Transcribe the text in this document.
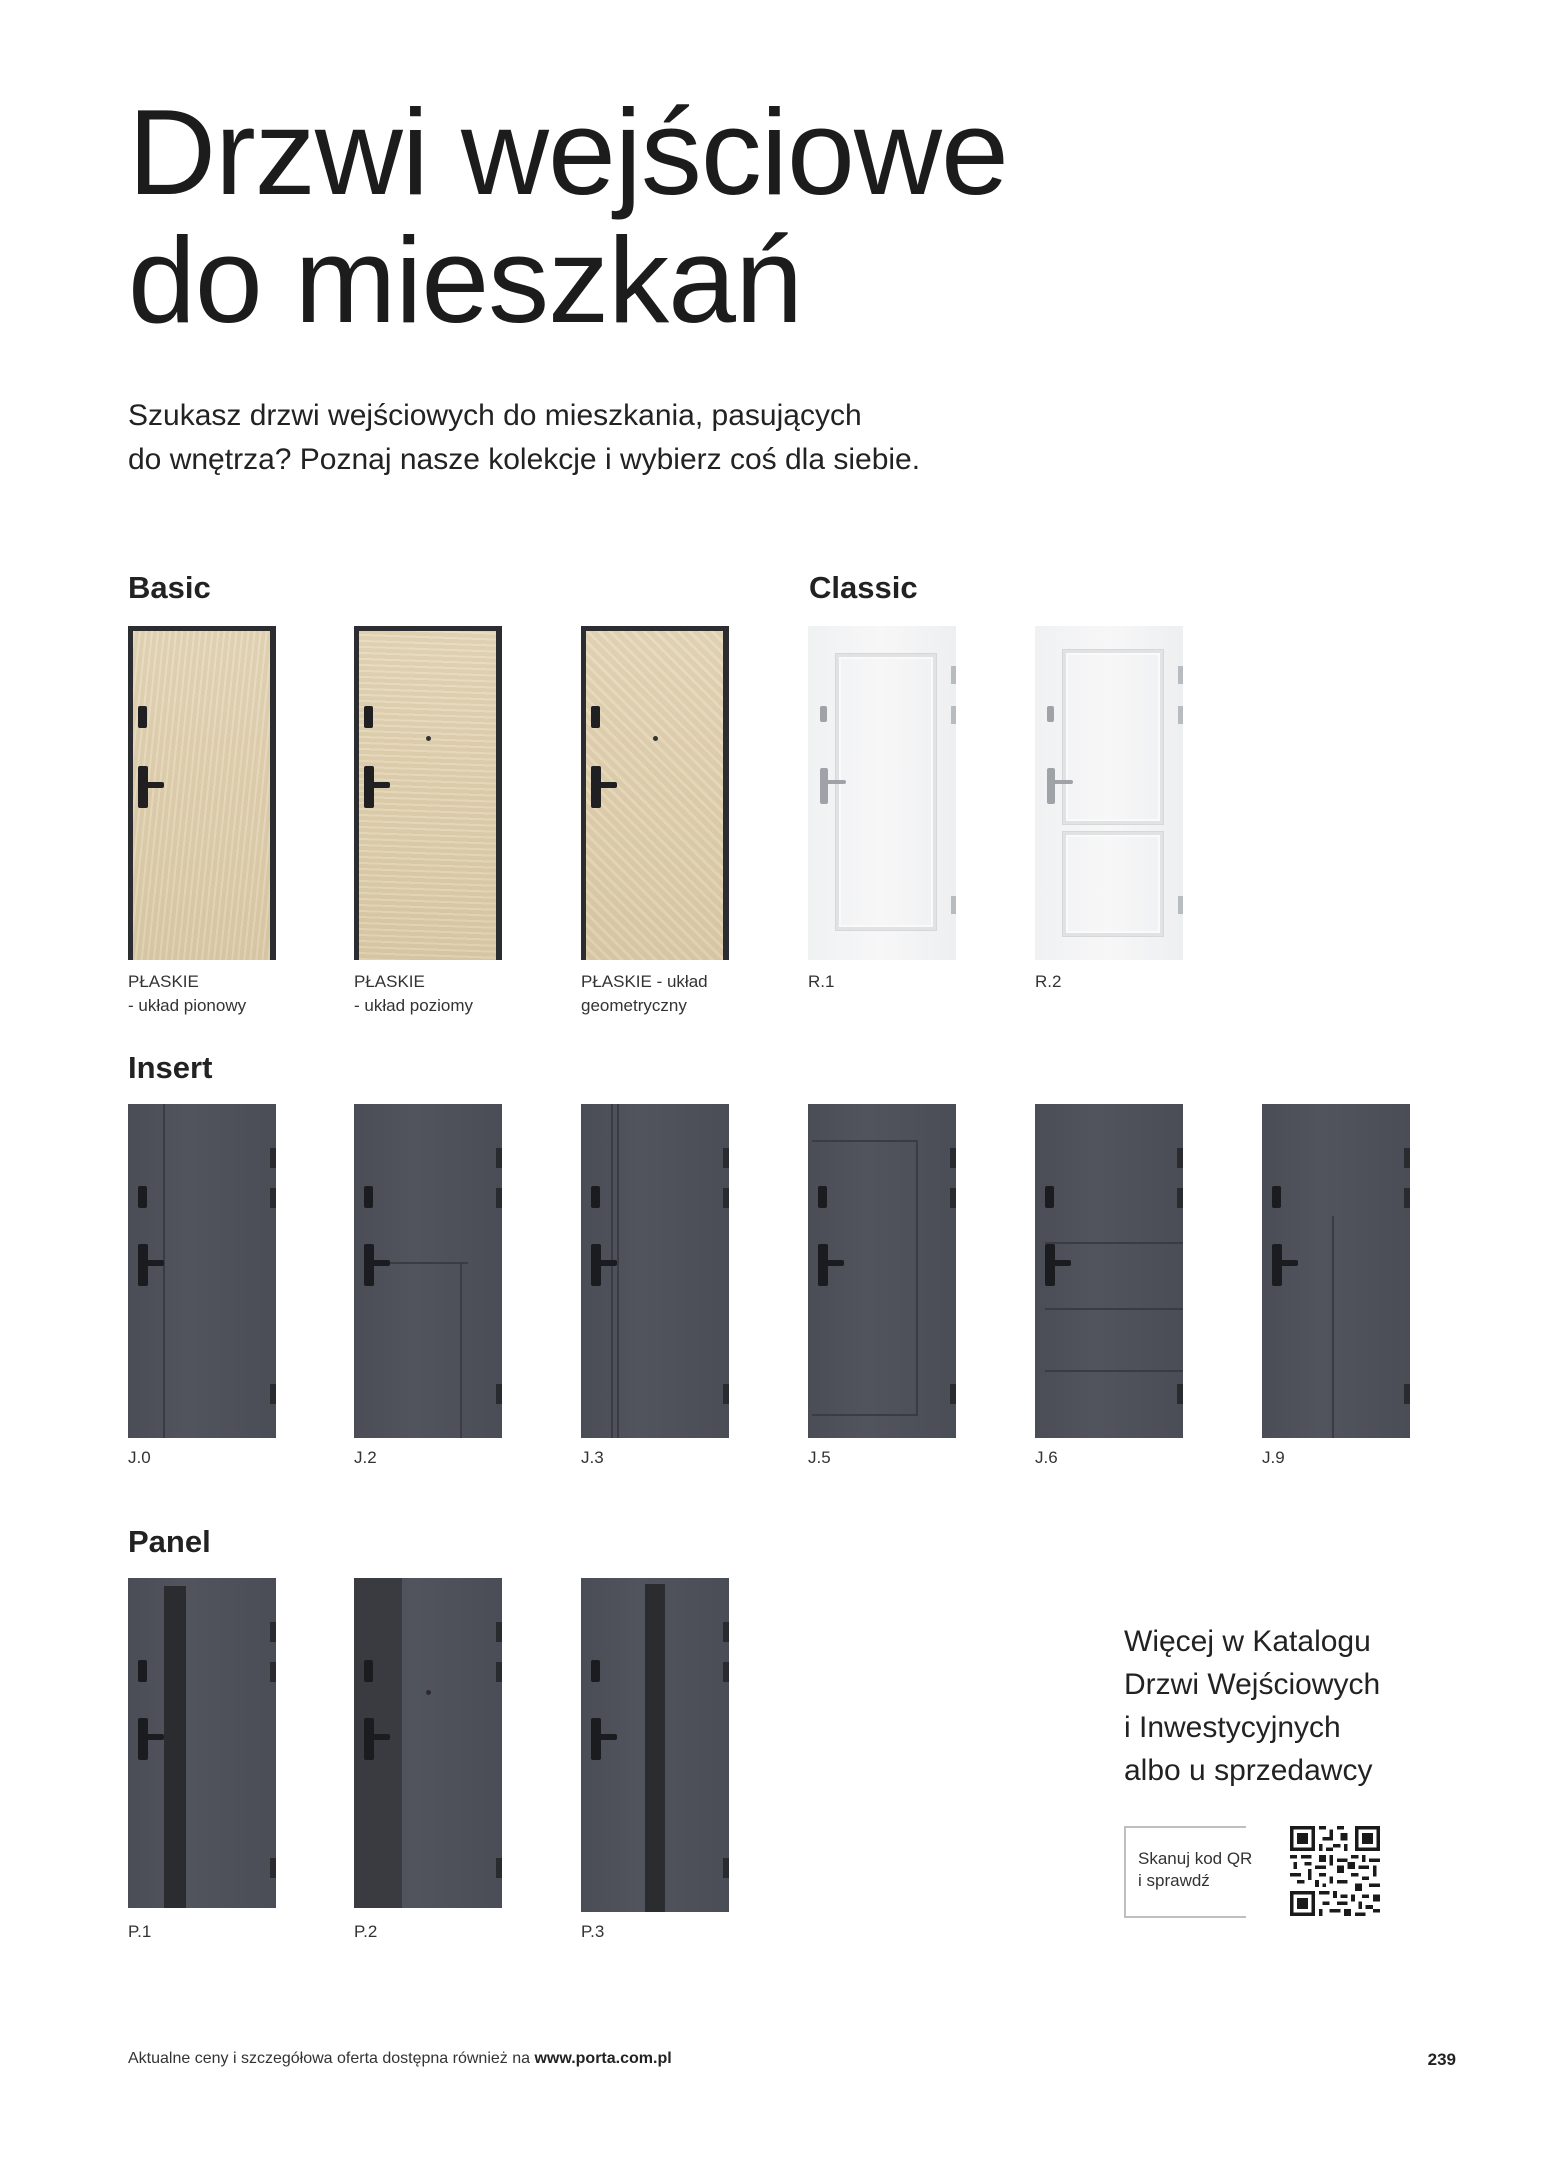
Drzwi wejściowe
do mieszkań

Szukasz drzwi wejściowych do mieszkania, pasujących
do wnętrza? Poznaj nasze kolekcje i wybierz coś dla siebie.

Basic
PŁASKIE
- układ pionowy
PŁASKIE
- układ poziomy
PŁASKIE - układ
geometryczny
Classic
R.1	R.2
Insert
J.0	J.2	J.3	J.5	J.6	J.9
Panel
P.1	P.2	P.3

Więcej w Katalogu
Drzwi Wejściowych
i Inwestycyjnych
albo u sprzedawcy

Skanuj kod QR
i sprawdź
Aktualne ceny i szczegółowa oferta dostępna również na www.porta.com.pl	239
